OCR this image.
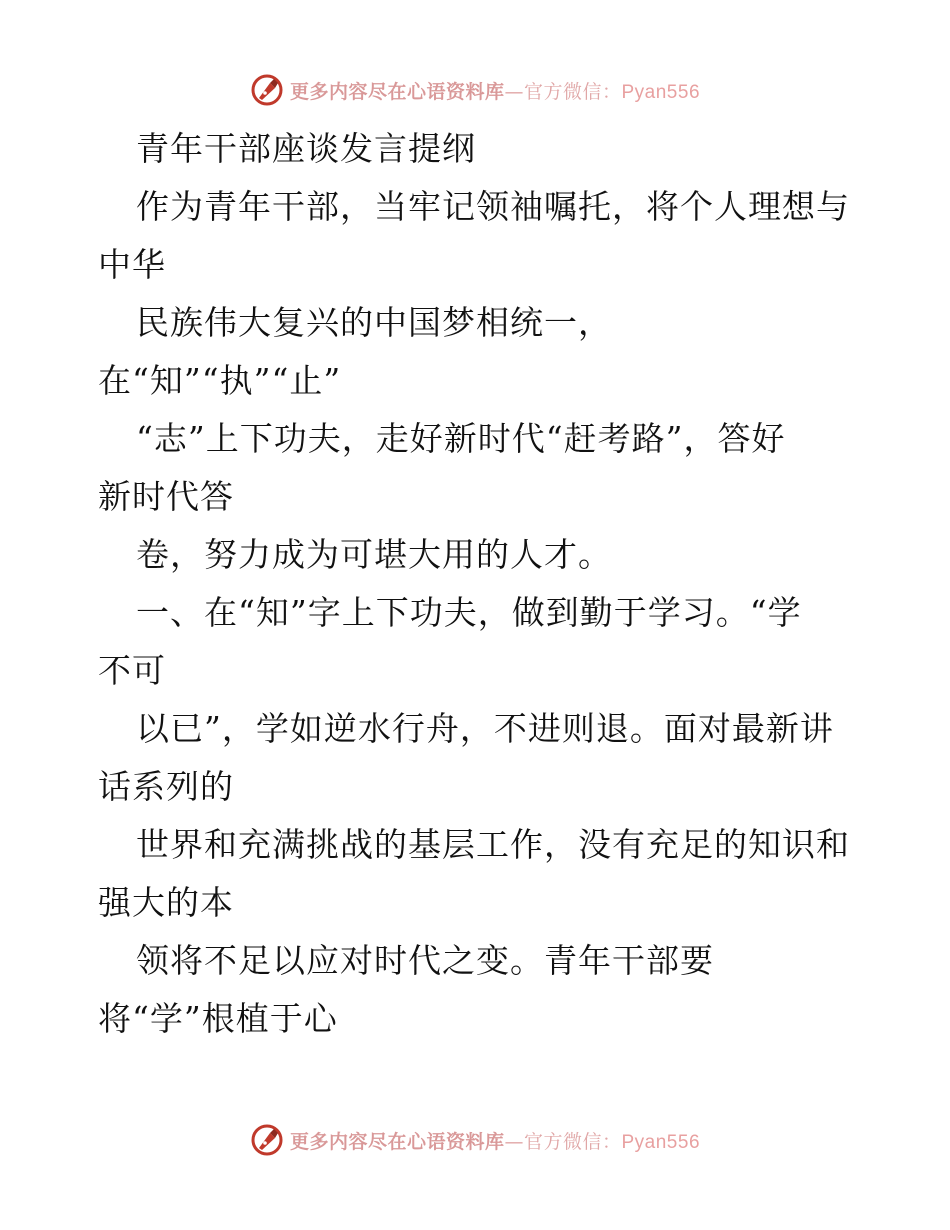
更多内容尽在心语资料库—官方微信：Pyan556
青年干部座谈发言提纲
作为青年干部，当牢记领袖嘱托，将个人理想与
中华
民族伟大复兴的中国梦相统一，
在“知”“执”“止”
“志”上下功夫，走好新时代“赶考路”，答好
新时代答
卷，努力成为可堪大用的人才。
一、在“知”字上下功夫，做到勤于学习。“学
不可
以已”，学如逆水行舟，不进则退。面对最新讲
话系列的
世界和充满挑战的基层工作，没有充足的知识和
强大的本
领将不足以应对时代之变。青年干部要
将“学”根植于心
更多内容尽在心语资料库—官方微信：Pyan556
